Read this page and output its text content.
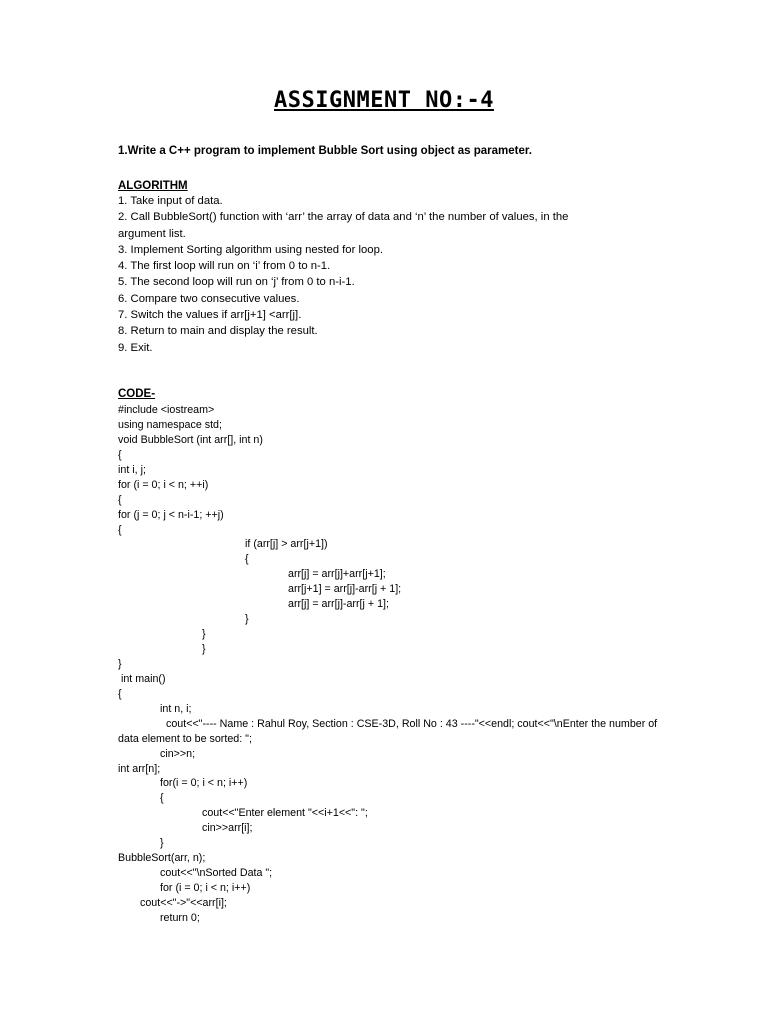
ASSIGNMENT NO:-4
1.Write a C++ program to implement Bubble Sort using object as parameter.
ALGORITHM
1. Take input of data.
2. Call BubbleSort() function with ‘arr’ the array of data and ‘n’ the number of values, in the argument list.
3. Implement Sorting algorithm using nested for loop.
4. The first loop will run on ‘i’ from 0 to n-1.
5. The second loop will run on ‘j’ from 0 to n-i-1.
6. Compare two consecutive values.
7. Switch the values if arr[j+1] <arr[j].
8. Return to main and display the result.
9. Exit.
CODE-
#include <iostream>
using namespace std;
void BubbleSort (int arr[], int n)
{
int i, j;
for (i = 0; i < n; ++i)
{
for (j = 0; j < n-i-1; ++j)
{
if (arr[j] > arr[j+1])
{
arr[j] = arr[j]+arr[j+1];
arr[j+1] = arr[j]-arr[j + 1];
arr[j] = arr[j]-arr[j + 1];
}
}
}
}
int main()
{
int n, i;
cout<<"---- Name : Rahul Roy, Section : CSE-3D, Roll No : 43 ----"<<endl; cout<<"\nEnter the number of data element to be sorted: ";
cin>>n;
int arr[n];
for(i = 0; i < n; i++)
{
cout<<"Enter element "<<i+1<<": ";
cin>>arr[i];
}
BubbleSort(arr, n);
cout<<"\nSorted Data ";
for (i = 0; i < n; i++)
cout<<"->"<<arr[i];
return 0;
